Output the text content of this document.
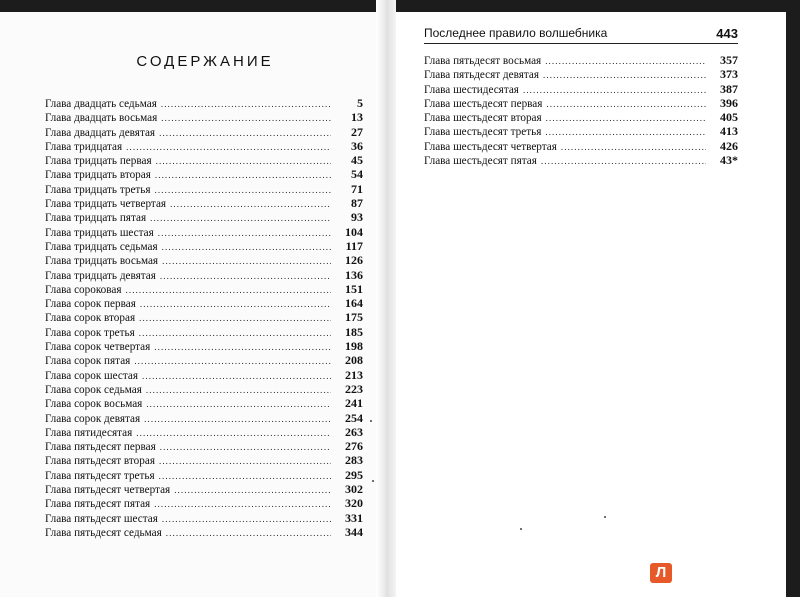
СОДЕРЖАНИЕ
Глава двадцать седьмая .....	5
Глава двадцать восьмая .....	13
Глава двадцать девятая .....	27
Глава тридцатая .....	36
Глава тридцать первая .....	45
Глава тридцать вторая .....	54
Глава тридцать третья .....	71
Глава тридцать четвертая .....	87
Глава тридцать пятая .....	93
Глава тридцать шестая .....	104
Глава тридцать седьмая .....	117
Глава тридцать восьмая .....	126
Глава тридцать девятая .....	136
Глава сороковая .....	151
Глава сорок первая .....	164
Глава сорок вторая .....	175
Глава сорок третья .....	185
Глава сорок четвертая .....	198
Глава сорок пятая .....	208
Глава сорок шестая .....	213
Глава сорок седьмая .....	223
Глава сорок восьмая .....	241
Глава сорок девятая .....	254
Глава пятидесятая .....	263
Глава пятьдесят первая .....	276
Глава пятьдесят вторая .....	283
Глава пятьдесят третья .....	295
Глава пятьдесят четвертая .....	302
Глава пятьдесят пятая .....	320
Глава пятьдесят шестая .....	331
Глава пятьдесят седьмая .....	344
Последнее правило волшебника	443
Глава пятьдесят восьмая .....	357
Глава пятьдесят девятая .....	373
Глава шестидесятая .....	387
Глава шестьдесят первая .....	396
Глава шестьдесят вторая .....	405
Глава шестьдесят третья .....	413
Глава шестьдесят четвертая .....	426
Глава шестьдесят пятая .....	43*
Л
